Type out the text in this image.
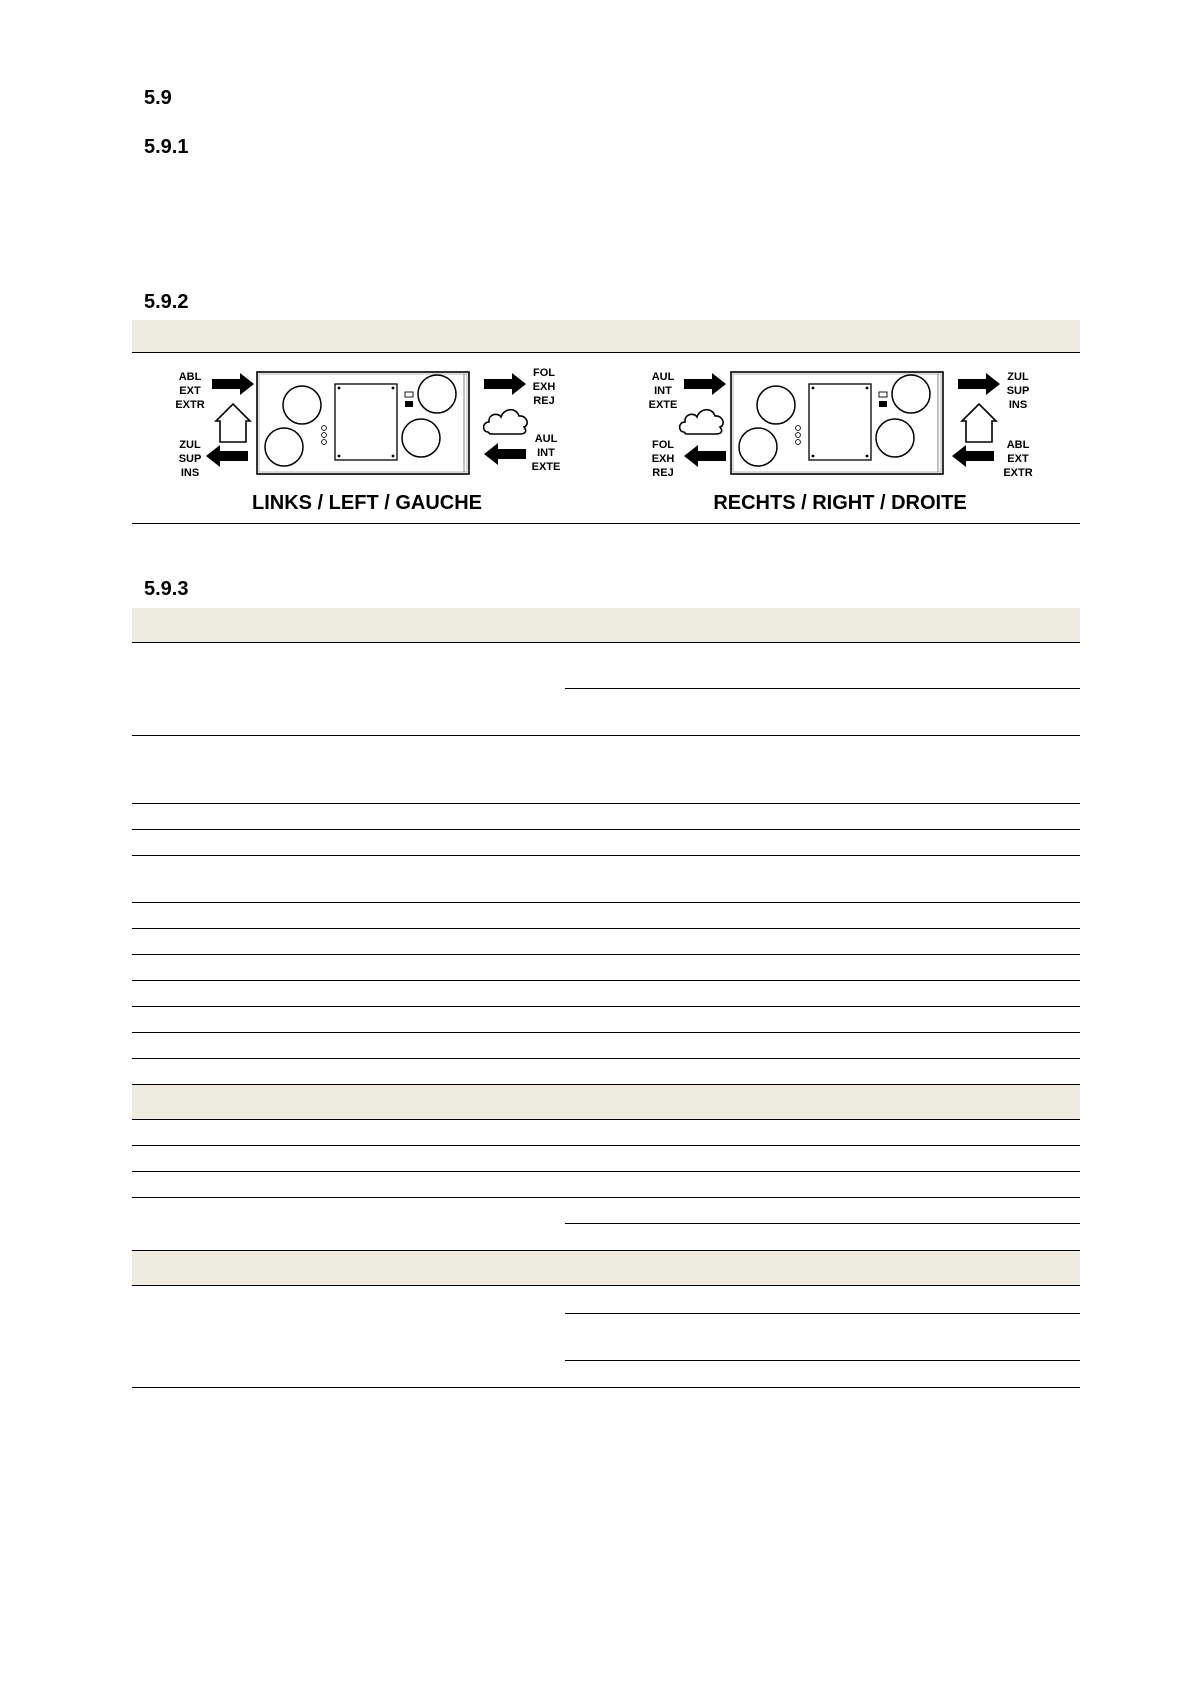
5.9
5.9.1
5.9.2
5.9.3
ABL
EXT
EXTR
ZUL
SUP
INS
FOL
EXH
REJ
AUL
INT
EXTE
LINKS / LEFT / GAUCHE
AUL
INT
EXTE
FOL
EXH
REJ
ZUL
SUP
INS
ABL
EXT
EXTR
RECHTS / RIGHT / DROITE
